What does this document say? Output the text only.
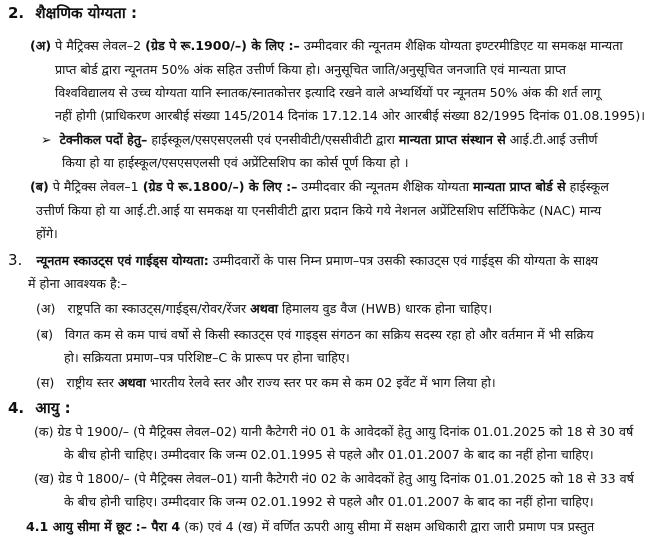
2. शैक्षणिक योग्यता :
(अ) पे मैट्रिक्स लेवल–2 (ग्रेड पे रू.1900/–) के लिए :– उम्मीदवार की न्यूनतम शैक्षिक योग्यता इण्टरमीडिएट या समकक्ष मान्यता
प्राप्त बोर्ड द्वारा न्यूनतम 50% अंक सहित उत्तीर्ण किया हो। अनुसूचित जाति/अनुसूचित जनजाति एवं मान्यता प्राप्त
विश्वविद्यालय से उच्च योग्यता यानि स्नातक/स्नातकोत्तर इत्यादि रखने वाले अभ्यर्थियों पर न्यूनतम 50% अंक की शर्त लागू
नहीं होगी (प्राधिकरण आरबीई संख्या 145/2014 दिनांक 17.12.14 ओर आरबीई संख्या 82/1995 दिनांक 01.08.1995)।
➢ टेक्नीकल पदों हेतु– हाईस्कूल/एसएसएलसी एवं एनसीवीटी/एससीवीटी द्वारा मान्यता प्राप्त संस्थान से आई.टी.आई उत्तीर्ण
किया हो या हाईस्कूल/एसएसएलसी एवं अप्रेंटिसशिप का कोर्स पूर्ण किया हो ।
(ब) पे मैट्रिक्स लेवल–1 (ग्रेड पे रू.1800/–) के लिए :– उम्मीदवार की न्यूनतम शैक्षिक योग्यता मान्यता प्राप्त बोर्ड से हाईस्कूल
उत्तीर्ण किया हो या आई.टी.आई या समकक्ष या एनसीवीटी द्वारा प्रदान किये गये नेशनल अप्रेंटिसशिप सर्टिफिकेट (NAC) मान्य
होंगे।
3. न्यूनतम स्काउट्स एवं गाईड्स योग्यता: उम्मीदवारों के पास निम्न प्रमाण–पत्र उसकी स्काउट्स एवं गाईड्स की योग्यता के साक्ष्य
में होना आवश्यक है:–
(अ) राष्ट्रपति का स्काउट्स/गाईड्स/रोवर/रेंजर अथवा हिमालय वुड वैज (HWB) धारक होना चाहिए।
(ब) विगत कम से कम पाचं वर्षो से किसी स्काउट्स एवं गाइड्स संगठन का सक्रिय सदस्य रहा हो और वर्तमान में भी सक्रिय
हो। सक्रियता प्रमाण–पत्र परिशिष्ट–C के प्रारूप पर होना चाहिए।
(स) राष्ट्रीय स्तर अथवा भारतीय रेलवे स्तर और राज्य स्तर पर कम से कम 02 इवेंट में भाग लिया हो।
4. आयु :
(क) ग्रेड पे 1900/– (पे मैट्रिक्स लेवल–02) यानी कैटेगरी नं0 01 के आवेदकों हेतु आयु दिनांक 01.01.2025 को 18 से 30 वर्ष
के बीच होनी चाहिए। उम्मीदवार कि जन्म 02.01.1995 से पहले और 01.01.2007 के बाद का नहीं होना चाहिए।
(ख) ग्रेड पे 1800/– (पे मैट्रिक्स लेवल–01) यानी कैटेगरी नं0 02 के आवेदकों हेतु आयु दिनांक 01.01.2025 को 18 से 33 वर्ष
के बीच होनी चाहिए। उम्मीदवार कि जन्म 02.01.1992 से पहले और 01.01.2007 के बाद का नहीं होना चाहिए।
4.1 आयु सीमा में छूट :– पैरा 4 (क) एवं 4 (ख) में वर्णित ऊपरी आयु सीमा में सक्षम अधिकारी द्वारा जारी प्रमाण पत्र प्रस्तुत
